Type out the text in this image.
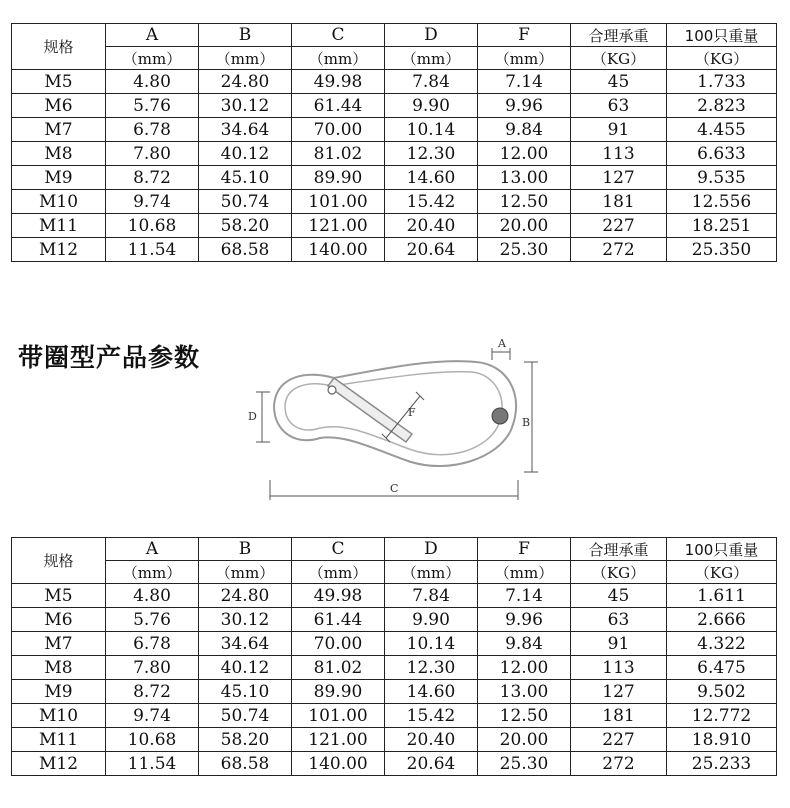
规格	A	B	C	D	F	合理承重	100只重量
	（mm）	（mm）	（mm）	（mm）	（mm）	（KG）	（KG）
M5	4.80	24.80	49.98	7.84	7.14	45	1.733
M6	5.76	30.12	61.44	9.90	9.96	63	2.823
M7	6.78	34.64	70.00	10.14	9.84	91	4.455
M8	7.80	40.12	81.02	12.30	12.00	113	6.633
M9	8.72	45.10	89.90	14.60	13.00	127	9.535
M10	9.74	50.74	101.00	15.42	12.50	181	12.556
M11	10.68	58.20	121.00	20.40	20.00	227	18.251
M12	11.54	68.58	140.00	20.64	25.30	272	25.350
带圈型产品参数	A
B
D
C
F
规格	A	B	C	D	F	合理承重	100只重量
	（mm）	（mm）	（mm）	（mm）	（mm）	（KG）	（KG）
M5	4.80	24.80	49.98	7.84	7.14	45	1.611
M6	5.76	30.12	61.44	9.90	9.96	63	2.666
M7	6.78	34.64	70.00	10.14	9.84	91	4.322
M8	7.80	40.12	81.02	12.30	12.00	113	6.475
M9	8.72	45.10	89.90	14.60	13.00	127	9.502
M10	9.74	50.74	101.00	15.42	12.50	181	12.772
M11	10.68	58.20	121.00	20.40	20.00	227	18.910
M12	11.54	68.58	140.00	20.64	25.30	272	25.233
